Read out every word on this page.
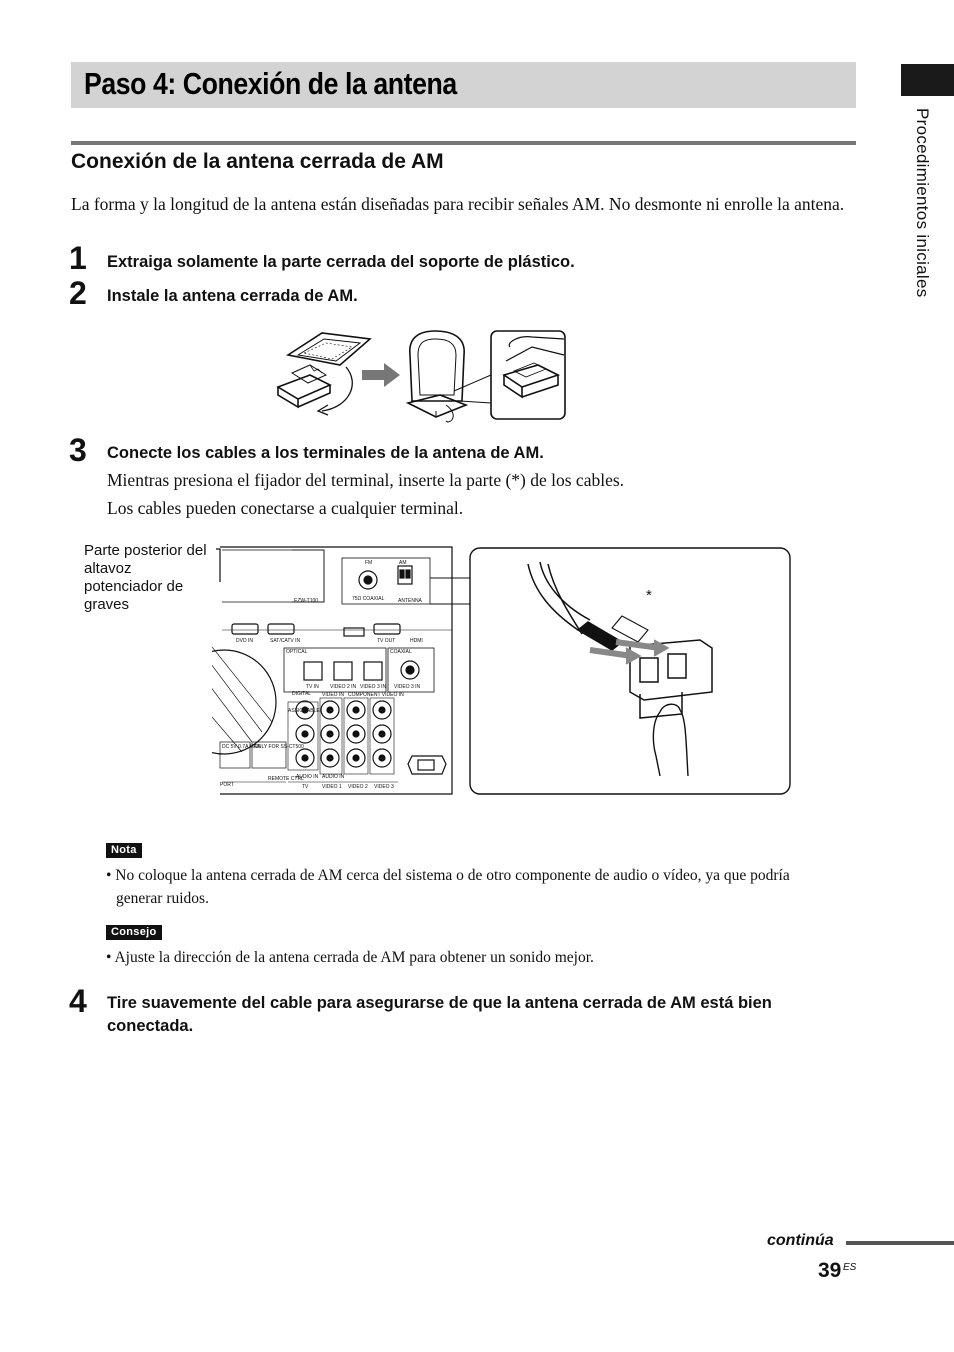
Paso 4: Conexión de la antena
Procedimientos iniciales
Conexión de la antena cerrada de AM
La forma y la longitud de la antena están diseñadas para recibir señales AM. No desmonte ni enrolle la antena.
1 Extraiga solamente la parte cerrada del soporte de plástico.
2 Instale la antena cerrada de AM.
3 Conecte los cables a los terminales de la antena de AM.
Mientras presiona el fijador del terminal, inserte la parte (*) de los cables.
Los cables pueden conectarse a cualquier terminal.
Parte posterior del
altavoz
potenciador de
graves
FM	AM
75Ω COAXIAL	ANTENNA
EZW-T100
DVD IN	SAT/CATV IN	TV OUT	HDMI
OPTICAL	COAXIAL
TV IN VIDEO 2 IN VIDEO 3 IN VIDEO 3 IN
DIGITAL VIDEO IN COMPONENT VIDEO IN
ASSIGNABLE
DC 5V 0.7A MAX
ONLY FOR SS-CT500
REMOTE CTRL
PORT
AUDIO IN AUDIO IN
TV	VIDEO 1 VIDEO 2 VIDEO 3
*
Nota
• No coloque la antena cerrada de AM cerca del sistema o de otro componente de audio o vídeo, ya que podría
generar ruidos.
Consejo
• Ajuste la dirección de la antena cerrada de AM para obtener un sonido mejor.
4 Tire suavemente del cable para asegurarse de que la antena cerrada de AM está bien
conectada.
continúa
39 ES
